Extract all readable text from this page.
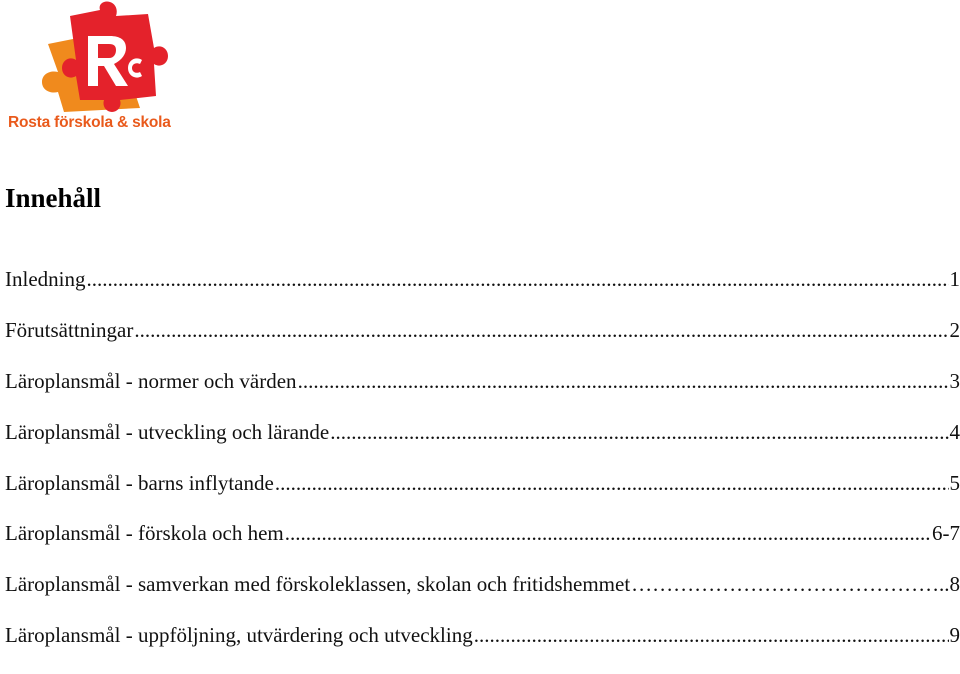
Rosta förskola & skola
Innehåll
Inledning .....	1
Förutsättningar .....	2
Läroplansmål - normer och värden .....	3
Läroplansmål - utveckling och lärande .....	4
Läroplansmål - barns inflytande .....	5
Läroplansmål - förskola och hem .....	6-7
Läroplansmål - samverkan med förskoleklassen, skolan och fritidshemmet …………………………………………………………………………………………	..8
Läroplansmål - uppföljning, utvärdering och utveckling .....	9
